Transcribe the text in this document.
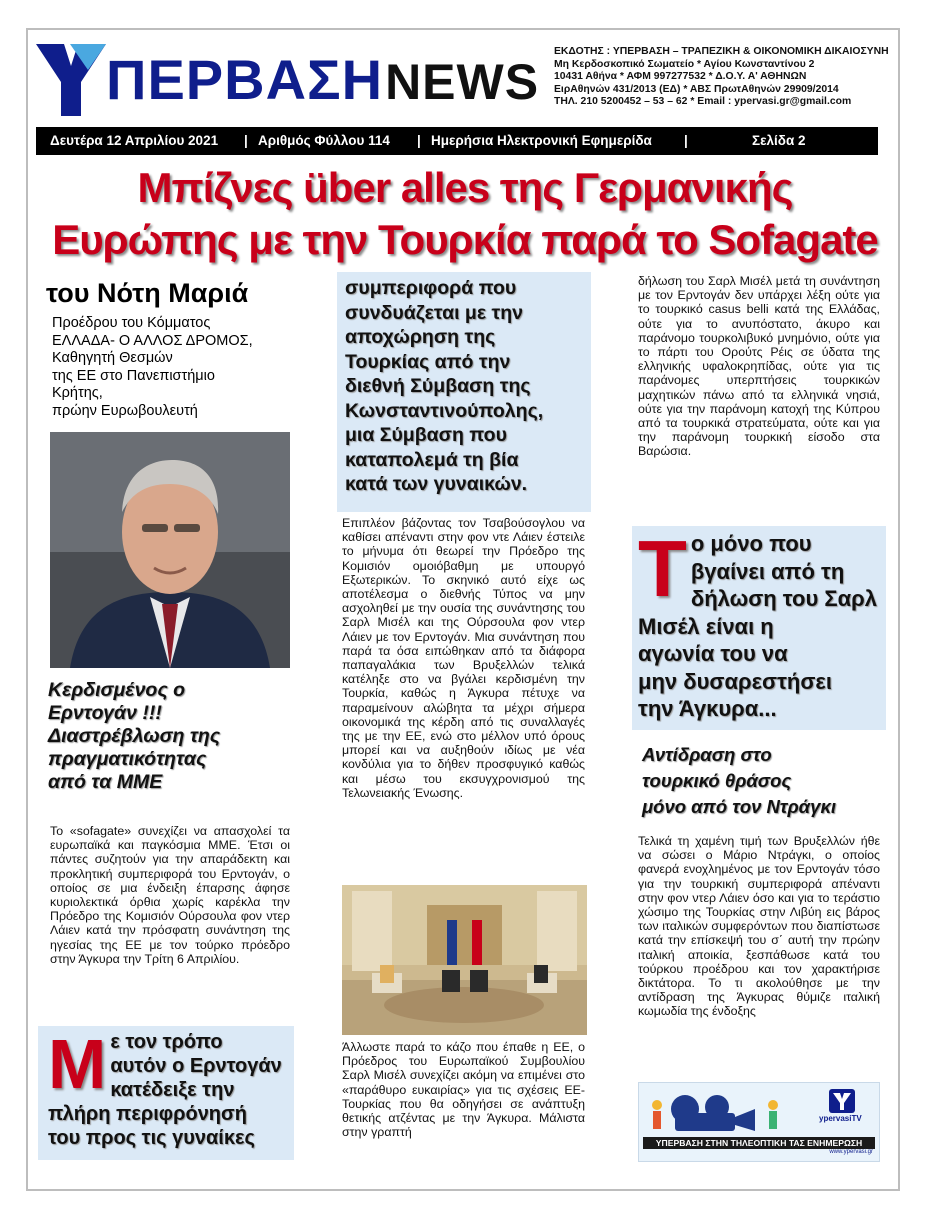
ΠΕΡΒΑΣΗNEWS
ΕΚΔΟΤΗΣ : ΥΠΕΡΒΑΣΗ – ΤΡΑΠΕΖΙΚΗ & ΟΙΚΟΝΟΜΙΚΗ ΔΙΚΑΙΟΣΥΝΗ
Μη Κερδοσκοπικό Σωματείο * Αγίου Κωνσταντίνου 2
10431 Αθήνα * ΑΦΜ 997277532 * Δ.Ο.Υ. Α' ΑΘΗΝΩΝ
ΕιρΑθηνών 431/2013 (ΕΔ) * ΑΒΣ ΠρωτΑθηνών 29909/2014
ΤΗΛ. 210 5200452 – 53 – 62 * Email : ypervasi.gr@gmail.com
Δευτέρα 12 Απριλίου 2021 | Αριθμός Φύλλου 114 | Ημερήσια Ηλεκτρονική Εφημερίδα |	Σελίδα 2
Μπίζνες über alles της Γερμανικής
Ευρώπης με την Τουρκία παρά το Sofagate
του Νότη Μαριά
Προέδρου του Κόμματος
ΕΛΛΑΔΑ- Ο ΑΛΛΟΣ ΔΡΟΜΟΣ,
Καθηγητή Θεσμών
της ΕΕ στο Πανεπιστήμιο
Κρήτης,
πρώην Ευρωβουλευτή
Κερδισμένος ο
Ερντογάν !!!
Διαστρέβλωση της
πραγματικότητας
από τα ΜΜΕ
Το «sofagate» συνεχίζει να απασχολεί τα ευρωπαϊκά και παγκόσμια ΜΜΕ. Έτσι οι πάντες συζητούν για την απαράδεκτη και προκλητική συμπεριφορά του Ερντογάν, ο οποίος σε μια ένδειξη έπαρσης άφησε κυριολεκτικά όρθια χωρίς καρέκλα την Πρόεδρο της Κομισιόν Ούρσουλα φον ντερ Λάιεν κατά την πρόσφατη συνάντηση της ηγεσίας της ΕΕ με τον τούρκο πρόεδρο στην Άγκυρα την Τρίτη 6 Απριλίου.
Μ ε τον τρόπο
αυτόν ο Ερντογάν
κατέδειξε την
πλήρη περιφρόνησή
του προς τις γυναίκες
συμπεριφορά που
συνδυάζεται με την
αποχώρηση της
Τουρκίας από την
διεθνή Σύμβαση της
Κωνσταντινούπολης,
μια Σύμβαση που
καταπολεμά τη βία
κατά των γυναικών.
Επιπλέον βάζοντας τον Τσαβούσογλου να καθίσει απέναντι στην φον ντε Λάιεν έστειλε το μήνυμα ότι θεωρεί την Πρόεδρο της Κομισιόν ομοιόβαθμη με υπουργό Εξωτερικών. Το σκηνικό αυτό είχε ως αποτέλεσμα ο διεθνής Τύπος να μην ασχοληθεί με την ουσία της συνάντησης του Σαρλ Μισέλ και της Ούρσουλα φον ντερ Λάιεν με τον Ερντογάν. Μια συνάντηση που παρά τα όσα ειπώθηκαν από τα διάφορα παπαγαλάκια των Βρυξελλών τελικά κατέληξε στο να βγάλει κερδισμένη την Τουρκία, καθώς η Άγκυρα πέτυχε να παραμείνουν αλώβητα τα μέχρι σήμερα οικονομικά της κέρδη από τις συναλλαγές της με την ΕΕ, ενώ στο μέλλον υπό όρους μπορεί και να αυξηθούν ιδίως με νέα κονδύλια για το δήθεν προσφυγικό καθώς και μέσω του εκσυγχρονισμού της Τελωνειακής Ένωσης.
Άλλωστε παρά το κάζο που έπαθε η ΕΕ, ο Πρόεδρος του Ευρωπαϊκού Συμβουλίου Σαρλ Μισέλ συνεχίζει ακόμη να επιμένει στο «παράθυρο ευκαιρίας» για τις σχέσεις ΕΕ-Τουρκίας που θα οδηγήσει σε ανάπτυξη θετικής ατζέντας με την Άγκυρα. Μάλιστα στην γραπτή
δήλωση του Σαρλ Μισέλ μετά τη συνάντηση με τον Ερντογάν δεν υπάρχει λέξη ούτε για το τουρκικό casus belli κατά της Ελλάδας, ούτε για το ανυπόστατο, άκυρο και παράνομο τουρκολιβυκό μνημόνιο, ούτε για το πάρτι του Ορούτς Ρέις σε ύδατα της ελληνικής υφαλοκρηπίδας, ούτε για τις παράνομες υπερπτήσεις τουρκικών μαχητικών πάνω από τα ελληνικά νησιά, ούτε για την παράνομη κατοχή της Κύπρου από τα τουρκικά στρατεύματα, ούτε και για την παράνομη τουρκική είσοδο στα Βαρώσια.
Τ ο μόνο που
βγαίνει από τη
δήλωση του Σαρλ
Μισέλ είναι η
αγωνία του να
μην δυσαρεστήσει
την Άγκυρα...
Αντίδραση στο
τουρκικό θράσος
μόνο από τον Ντράγκι
Τελικά τη χαμένη τιμή των Βρυξελλών ήθε να σώσει ο Μάριο Ντράγκι, ο οποίος φανερά ενοχλημένος με τον Ερντογάν τόσο για την τουρκική συμπεριφορά απέναντι στην φον ντερ Λάιεν όσο και για το τεράστιο χώσιμο της Τουρκίας στην Λιβύη εις βάρος των ιταλικών συμφερόντων που διαπίστωσε κατά την επίσκεψή του σ΄ αυτή την πρώην ιταλική αποικία, ξεσπάθωσε κατά του τούρκου προέδρου και τον χαρακτήρισε δικτάτορα. Το τι ακολούθησε με την αντίδραση της Άγκυρας θύμιζε ιταλική κωμωδία της ένδοξης
ypervasiTV
ΥΠΕΡΒΑΣΗ ΣΤΗΝ ΤΗΛΕΟΠΤΙΚΗ ΤΑΣ ΕΝΗΜΕΡΩΣΗ
www.ypervasi.gr
